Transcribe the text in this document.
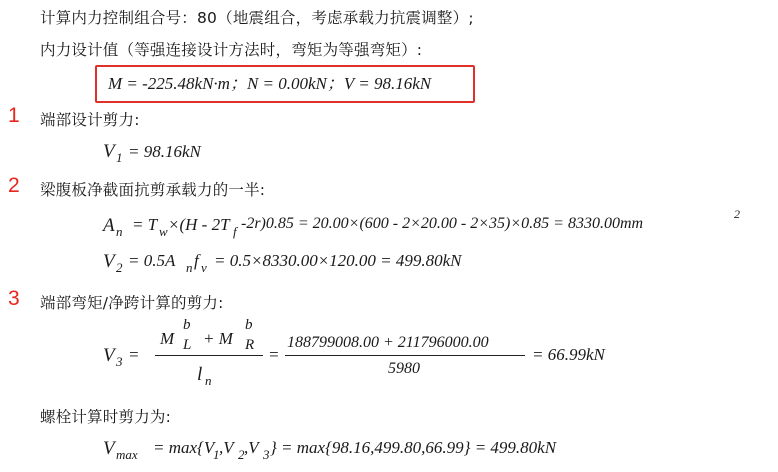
计算内力控制组合号：80（地震组合，考虑承载力抗震调整）;
内力设计值（等强连接设计方法时，弯矩为等强弯矩）:
M = -225.48kN·m；N = 0.00kN；V = 98.16kN
1 端部设计剪力:
V 1 = 98.16kN
2 梁腹板净截面抗剪承载力的一半:
A n = T w ×(H - 2T f -2r)0.85 = 20.00×(600 - 2×20.00 - 2×35)×0.85 = 8330.00mm
2
V 2 = 0.5A n f v = 0.5×8330.00×120.00 = 499.80kN
3 端部弯矩/净跨计算的剪力:
V 3 =
M
b
L + M
b
R
l n
=
188799008.00 + 211796000.00
5980
= 66.99kN
螺栓计算时剪力为:
V max = max{V
1 ,V 2 ,V 3 } = max{98.16,499.80,66.99} = 499.80kN
